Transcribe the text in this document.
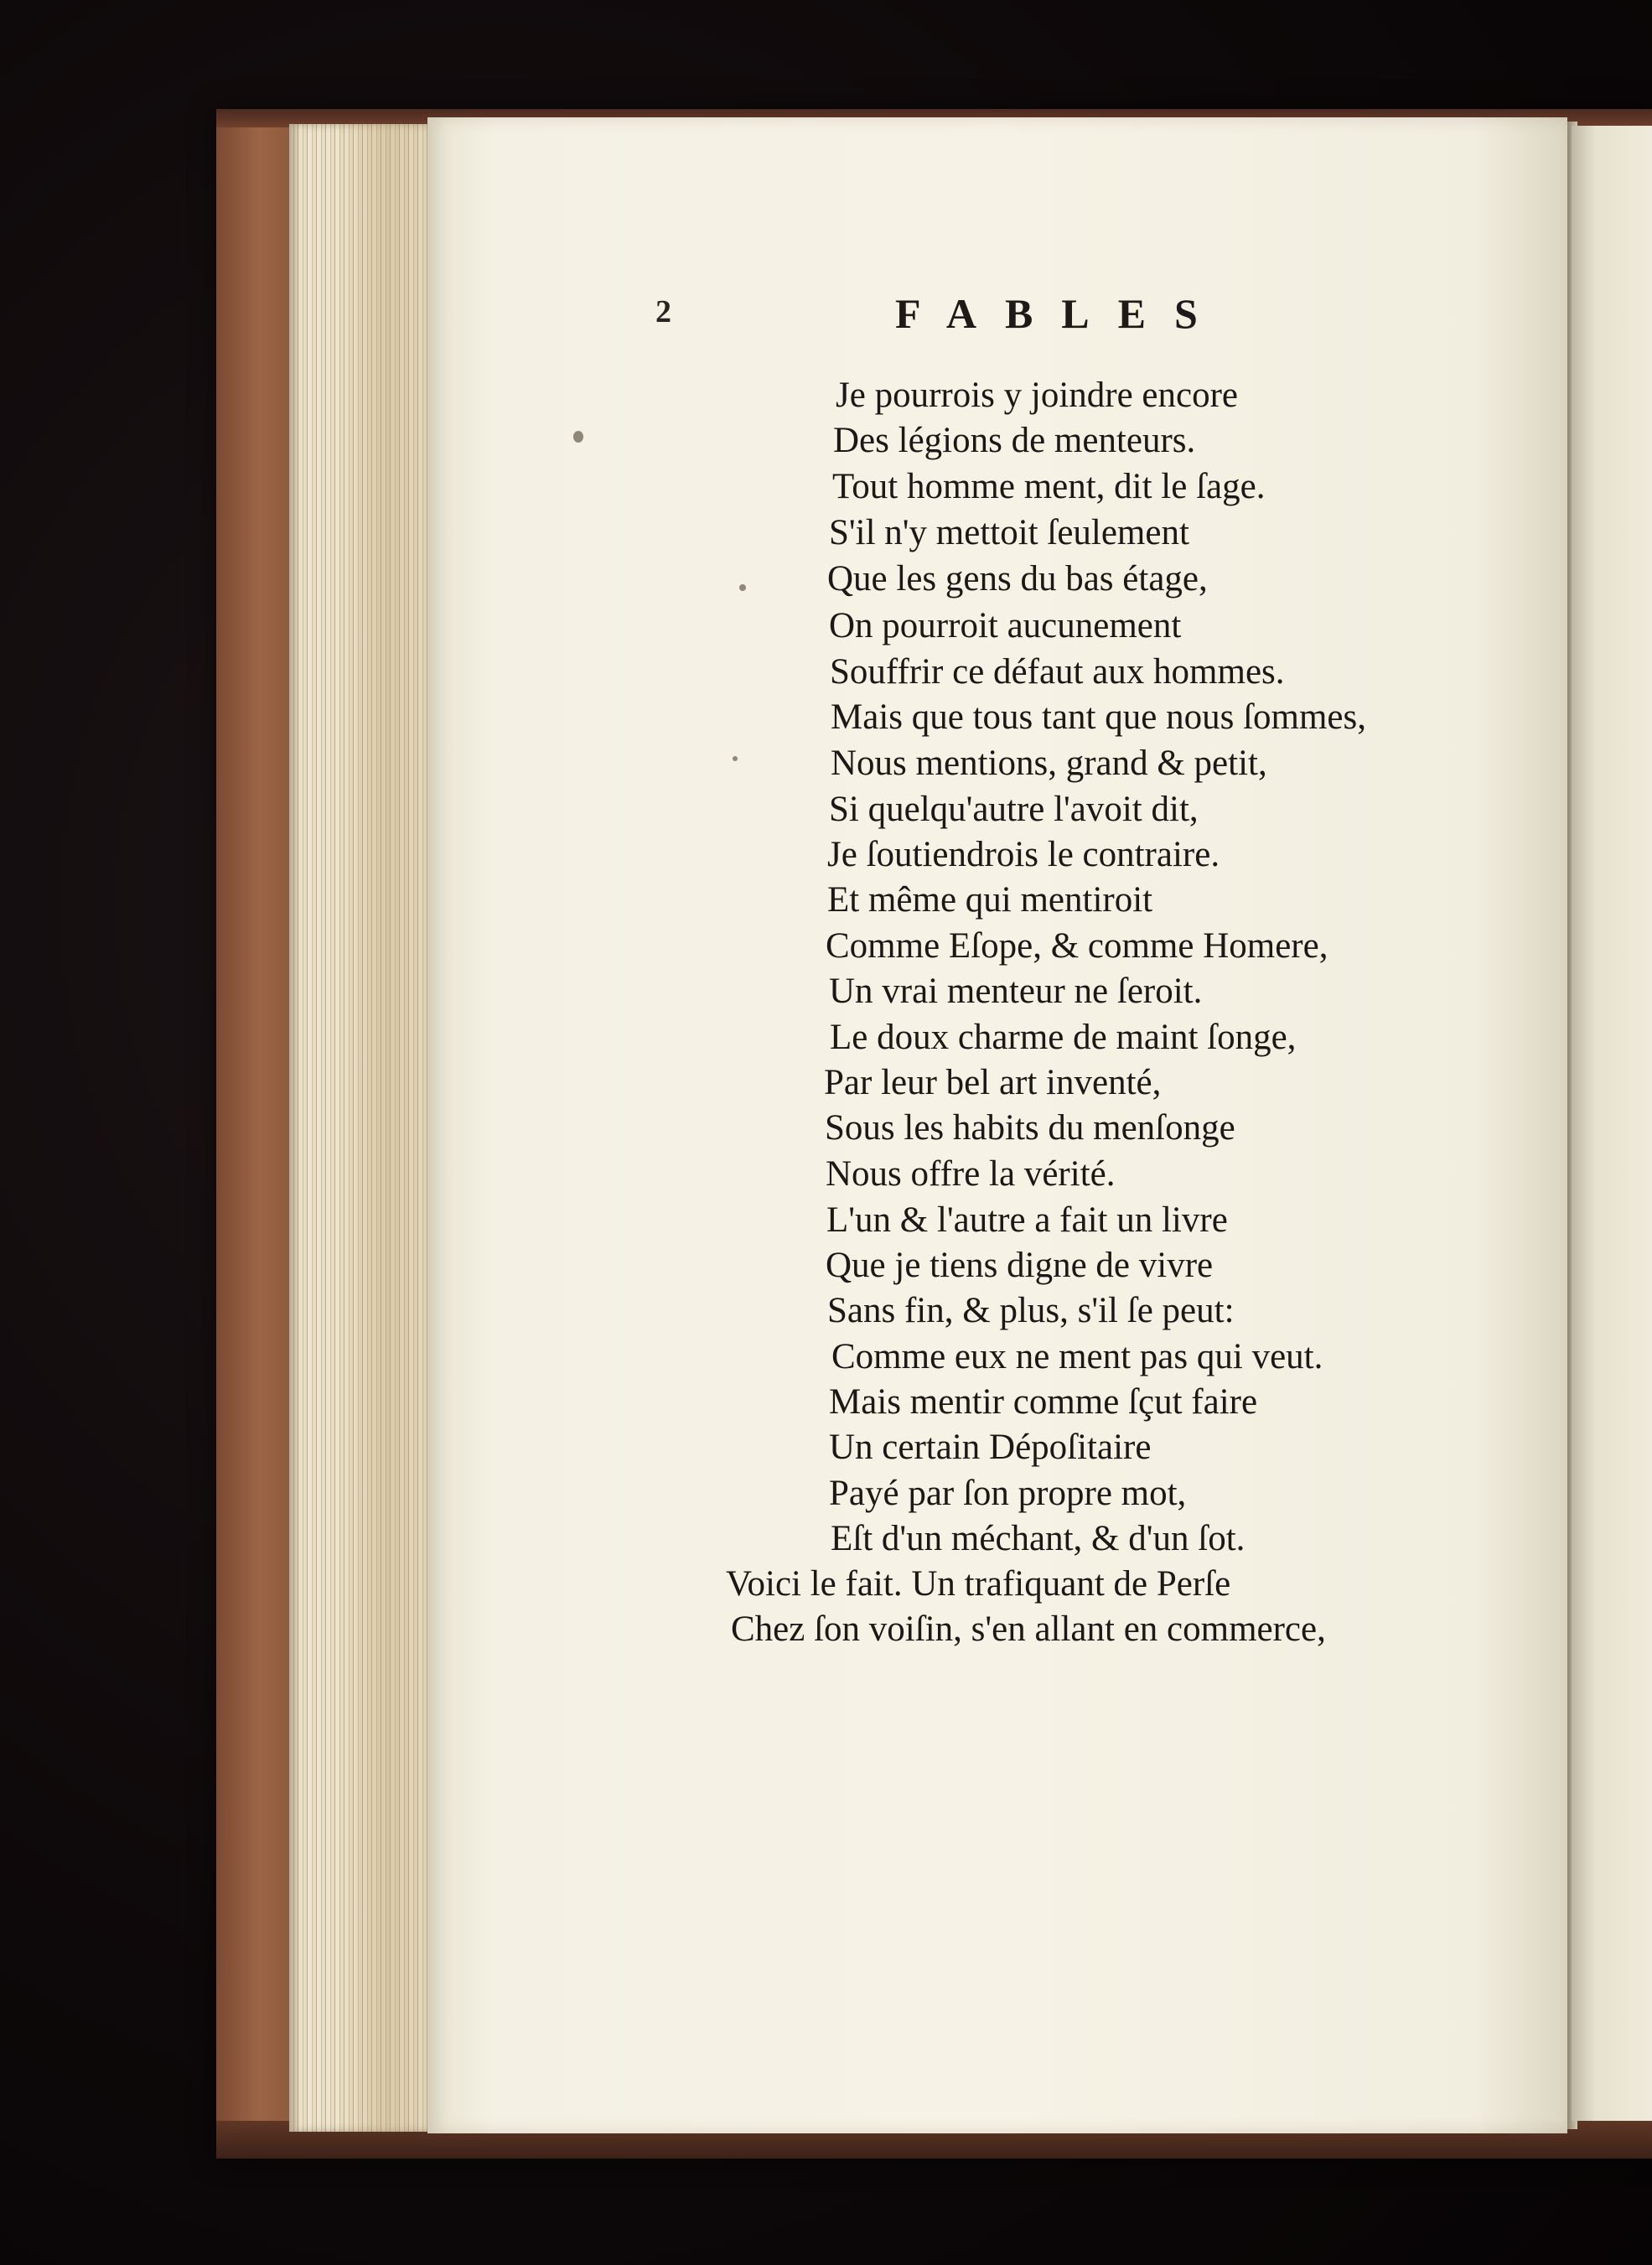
2	FABLES
Je pourrois y joindre encore
Des légions de menteurs.
Tout homme ment, dit le ſage.
S'il n'y mettoit ſeulement
Que les gens du bas étage,
On pourroit aucunement
Souffrir ce défaut aux hommes.
Mais que tous tant que nous ſommes,
Nous mentions, grand & petit,
Si quelqu'autre l'avoit dit,
Je ſoutiendrois le contraire.
Et même qui mentiroit
Comme Eſope, & comme Homere,
Un vrai menteur ne ſeroit.
Le doux charme de maint ſonge,
Par leur bel art inventé,
Sous les habits du menſonge
Nous offre la vérité.
L'un & l'autre a fait un livre
Que je tiens digne de vivre
Sans fin, & plus, s'il ſe peut:
Comme eux ne ment pas qui veut.
Mais mentir comme ſçut faire
Un certain Dépoſitaire
Payé par ſon propre mot,
Eſt d'un méchant, & d'un ſot.
Voici le fait. Un trafiquant de Perſe
Chez ſon voiſin, s'en allant en commerce,
